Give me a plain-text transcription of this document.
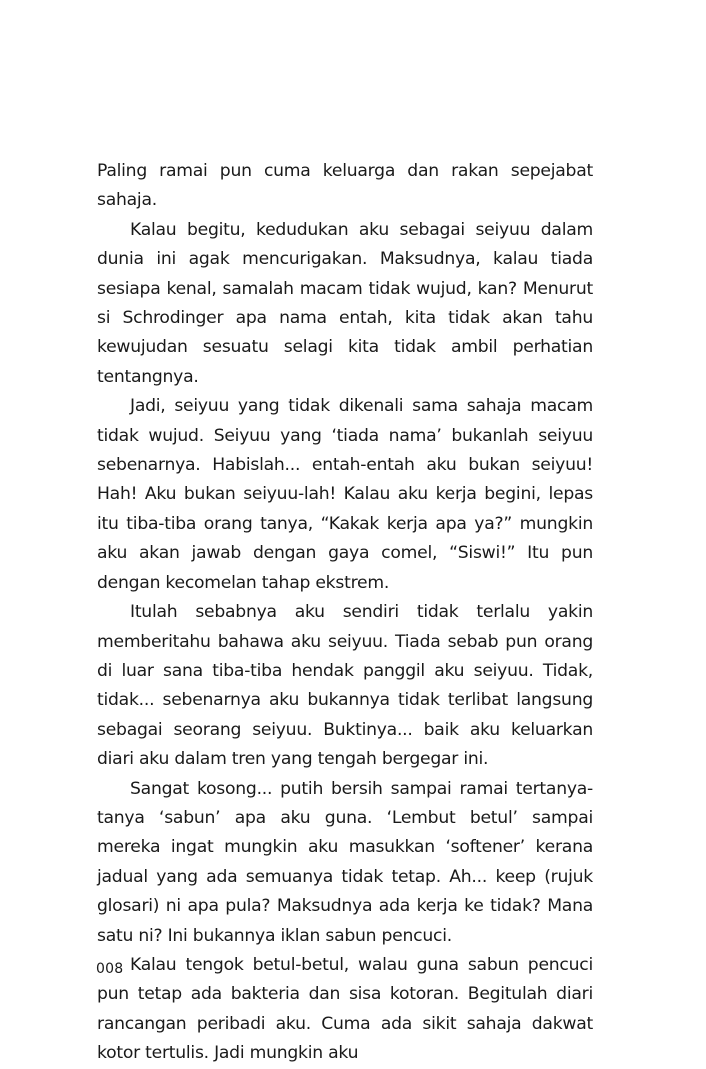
Paling ramai pun cuma keluarga dan rakan sepejabat sahaja.

Kalau begitu, kedudukan aku sebagai seiyuu dalam dunia ini agak mencurigakan. Maksudnya, kalau tiada sesiapa kenal, samalah macam tidak wujud, kan? Menurut si Schrodinger apa nama entah, kita tidak akan tahu kewujudan sesuatu selagi kita tidak ambil perhatian tentangnya.

Jadi, seiyuu yang tidak dikenali sama sahaja macam tidak wujud. Seiyuu yang ‘tiada nama’ bukanlah seiyuu sebenarnya. Habislah... entah-entah aku bukan seiyuu! Hah! Aku bukan seiyuu-lah! Kalau aku kerja begini, lepas itu tiba-tiba orang tanya, “Kakak kerja apa ya?” mungkin aku akan jawab dengan gaya comel, “Siswi!” Itu pun dengan kecomelan tahap ekstrem.

Itulah sebabnya aku sendiri tidak terlalu yakin memberitahu bahawa aku seiyuu. Tiada sebab pun orang di luar sana tiba-tiba hendak panggil aku seiyuu. Tidak, tidak... sebenarnya aku bukannya tidak terlibat langsung sebagai seorang seiyuu. Buktinya... baik aku keluarkan diari aku dalam tren yang tengah bergegar ini.

Sangat kosong... putih bersih sampai ramai tertanya-tanya ‘sabun’ apa aku guna. ‘Lembut betul’ sampai mereka ingat mungkin aku masukkan ‘softener’ kerana jadual yang ada semuanya tidak tetap. Ah... keep (rujuk glosari) ni apa pula? Maksudnya ada kerja ke tidak? Mana satu ni? Ini bukannya iklan sabun pencuci.

Kalau tengok betul-betul, walau guna sabun pencuci pun tetap ada bakteria dan sisa kotoran. Begitulah diari rancangan peribadi aku. Cuma ada sikit sahaja dakwat kotor tertulis. Jadi mungkin aku

008
